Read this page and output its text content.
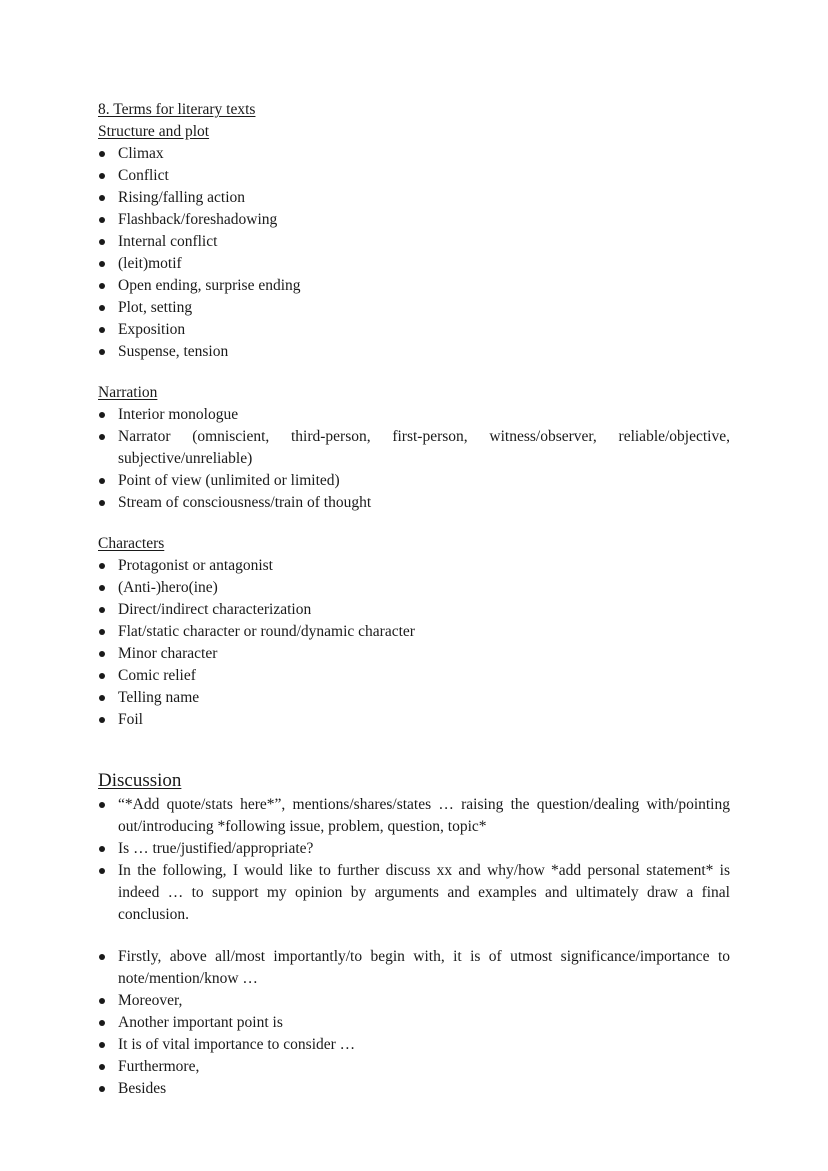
8. Terms for literary texts

Structure and plot

Climax
Conflict
Rising/falling action
Flashback/foreshadowing
Internal conflict
(leit)motif
Open ending, surprise ending
Plot, setting
Exposition
Suspense, tension

Narration

Interior monologue
Narrator (omniscient, third-person, first-person, witness/observer, reliable/objective, subjective/unreliable)
Point of view (unlimited or limited)
Stream of consciousness/train of thought

Characters

Protagonist or antagonist
(Anti-)hero(ine)
Direct/indirect characterization
Flat/static character or round/dynamic character
Minor character
Comic relief
Telling name
Foil

Discussion

“*Add quote/stats here*”, mentions/shares/states … raising the question/dealing with/pointing out/introducing *following issue, problem, question, topic*
Is … true/justified/appropriate?
In the following, I would like to further discuss xx and why/how *add personal statement* is indeed … to support my opinion by arguments and examples and ultimately draw a final conclusion.
Firstly, above all/most importantly/to begin with, it is of utmost significance/importance to note/mention/know …
Moreover,
Another important point is
It is of vital importance to consider …
Furthermore,
Besides
